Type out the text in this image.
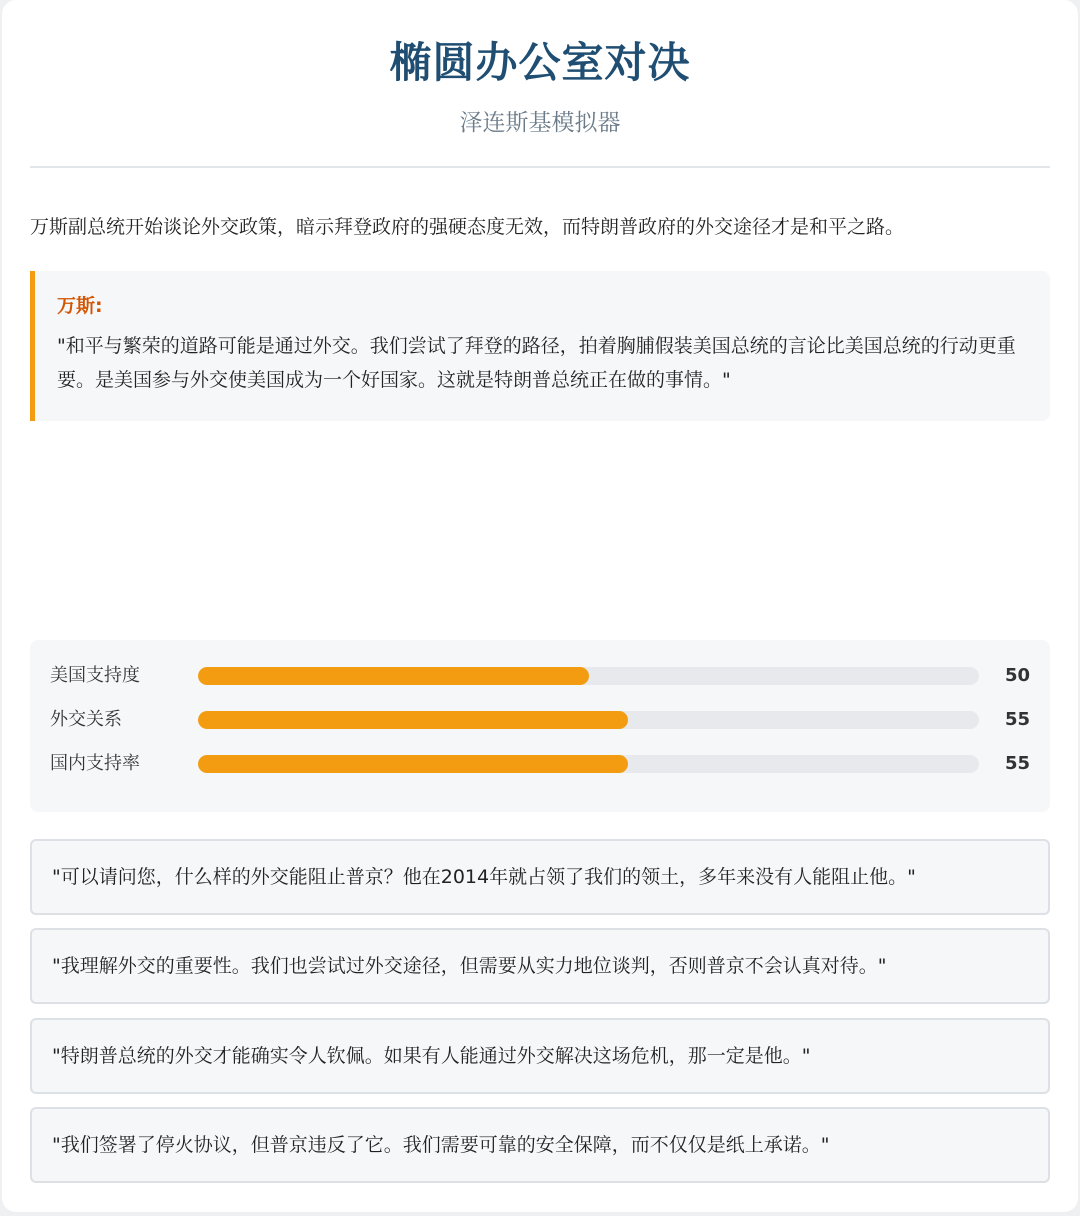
椭圆办公室对决
泽连斯基模拟器

万斯副总统开始谈论外交政策，暗示拜登政府的强硬态度无效，而特朗普政府的外交途径才是和平之路。

万斯:
"和平与繁荣的道路可能是通过外交。我们尝试了拜登的路径，拍着胸脯假装美国总统的言论比美国总统的行动更重要。是美国参与外交使美国成为一个好国家。这就是特朗普总统正在做的事情。"
美国支持度	50
外交关系	55
国内支持率	55
"可以请问您，什么样的外交能阻止普京？他在2014年就占领了我们的领土，多年来没有人能阻止他。"
"我理解外交的重要性。我们也尝试过外交途径，但需要从实力地位谈判，否则普京不会认真对待。"
"特朗普总统的外交才能确实令人钦佩。如果有人能通过外交解决这场危机，那一定是他。"
"我们签署了停火协议，但普京违反了它。我们需要可靠的安全保障，而不仅仅是纸上承诺。"
